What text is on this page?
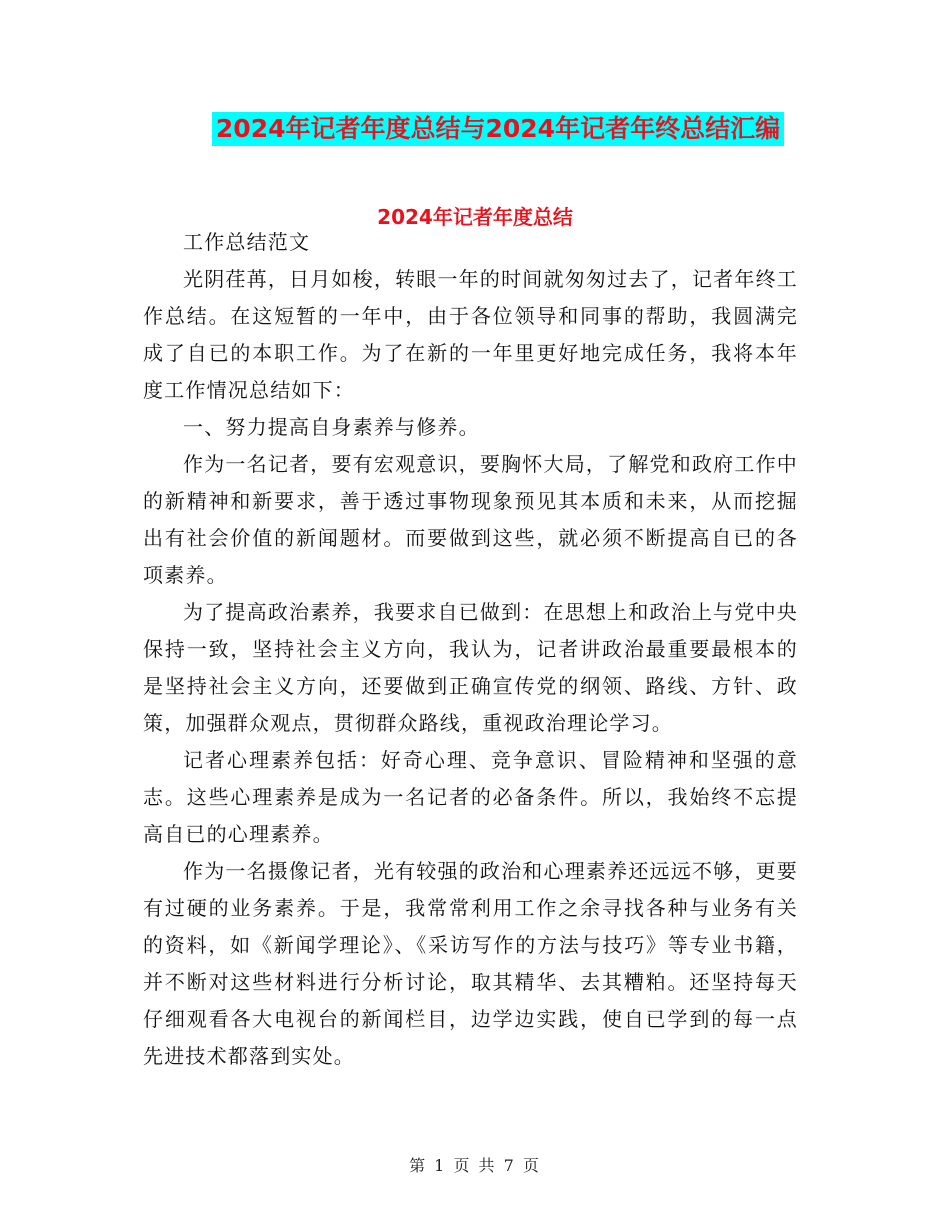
2024年记者年度总结与2024年记者年终总结汇编
2024年记者年度总结

工作总结范文

光阴荏苒，日月如梭，转眼一年的时间就匆匆过去了，记者年终工作总结。在这短暂的一年中，由于各位领导和同事的帮助，我圆满完成了自已的本职工作。为了在新的一年里更好地完成任务，我将本年度工作情况总结如下：

一、努力提高自身素养与修养。

作为一名记者，要有宏观意识，要胸怀大局，了解党和政府工作中的新精神和新要求，善于透过事物现象预见其本质和未来，从而挖掘出有社会价值的新闻题材。而要做到这些，就必须不断提高自已的各项素养。

为了提高政治素养，我要求自已做到：在思想上和政治上与党中央保持一致，坚持社会主义方向，我认为，记者讲政治最重要最根本的是坚持社会主义方向，还要做到正确宣传党的纲领、路线、方针、政策，加强群众观点，贯彻群众路线，重视政治理论学习。

记者心理素养包括：好奇心理、竞争意识、冒险精神和坚强的意志。这些心理素养是成为一名记者的必备条件。所以，我始终不忘提高自已的心理素养。

作为一名摄像记者，光有较强的政治和心理素养还远远不够，更要有过硬的业务素养。于是，我常常利用工作之余寻找各种与业务有关的资料，如《新闻学理论》、《采访写作的方法与技巧》等专业书籍，并不断对这些材料进行分析讨论，取其精华、去其糟粕。还坚持每天仔细观看各大电视台的新闻栏目，边学边实践，使自已学到的每一点先进技术都落到实处。

第 1 页 共 7 页
